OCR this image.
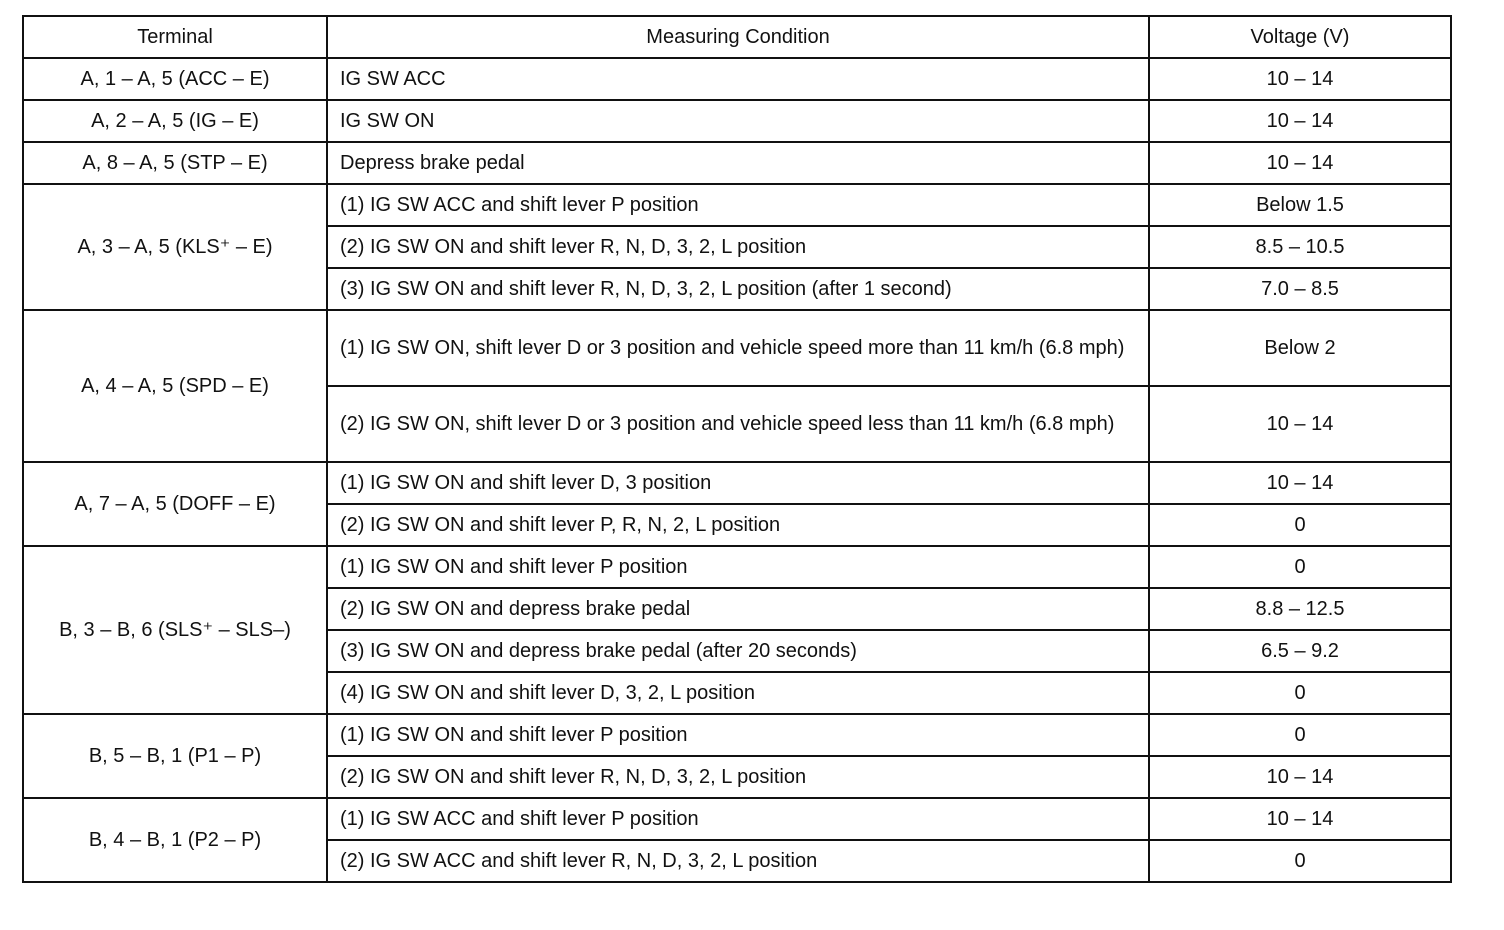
Terminal	Measuring Condition	Voltage (V)
A, 1 – A, 5 (ACC – E)	IG SW ACC	10 – 14
A, 2 – A, 5 (IG – E)	IG SW ON	10 – 14
A, 8 – A, 5 (STP – E)	Depress brake pedal	10 – 14
A, 3 – A, 5 (KLS⁺ – E)	(1) IG SW ACC and shift lever P position	Below 1.5
	(2) IG SW ON and shift lever R, N, D, 3, 2, L position	8.5 – 10.5
	(3) IG SW ON and shift lever R, N, D, 3, 2, L position (after 1 second)	7.0 – 8.5
A, 4 – A, 5 (SPD – E)	(1) IG SW ON, shift lever D or 3 position and vehicle speed more than 11 km/h (6.8 mph)	Below 2
	(2) IG SW ON, shift lever D or 3 position and vehicle speed less than 11 km/h (6.8 mph)	10 – 14
A, 7 – A, 5 (DOFF – E)	(1) IG SW ON and shift lever D, 3 position	10 – 14
	(2) IG SW ON and shift lever P, R, N, 2, L position	0
B, 3 – B, 6 (SLS⁺ – SLS–)	(1) IG SW ON and shift lever P position	0
	(2) IG SW ON and depress brake pedal	8.8 – 12.5
	(3) IG SW ON and depress brake pedal (after 20 seconds)	6.5 – 9.2
	(4) IG SW ON and shift lever D, 3, 2, L position	0
B, 5 – B, 1 (P1 – P)	(1) IG SW ON and shift lever P position	0
	(2) IG SW ON and shift lever R, N, D, 3, 2, L position	10 – 14
B, 4 – B, 1 (P2 – P)	(1) IG SW ACC and shift lever P position	10 – 14
	(2) IG SW ACC and shift lever R, N, D, 3, 2, L position	0
